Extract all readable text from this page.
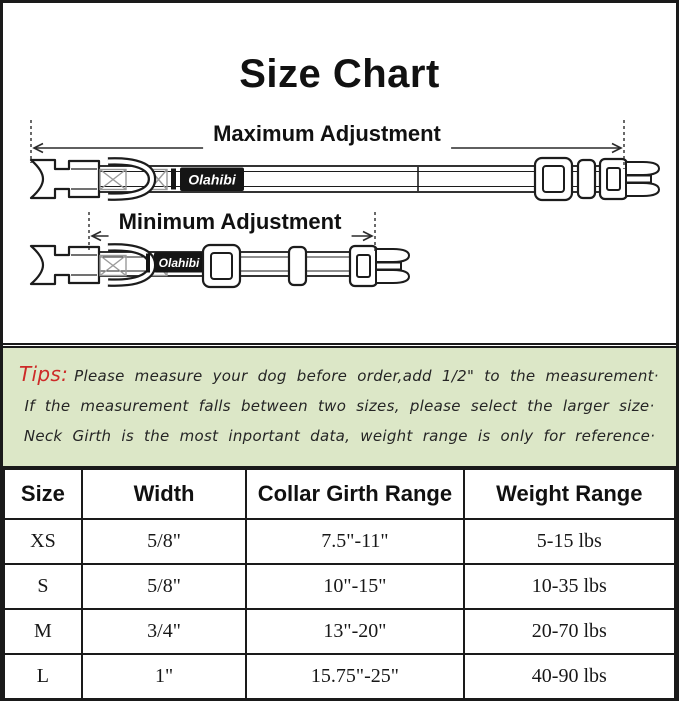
Size Chart
Olahibi
Olahibi
Maximum Adjustment
Minimum Adjustment

Tips: Please measure your dog before order,add 1/2" to the measurement·

If the measurement falls between two sizes, please select the larger size·

Neck Girth is the most inportant data, weight range is only for reference·

Size	Width	Collar Girth Range	Weight Range
XS	5/8"	7.5"-11"	5-15 lbs
S	5/8"	10"-15"	10-35 lbs
M	3/4"	13"-20"	20-70 lbs
L	1"	15.75"-25"	40-90 lbs
